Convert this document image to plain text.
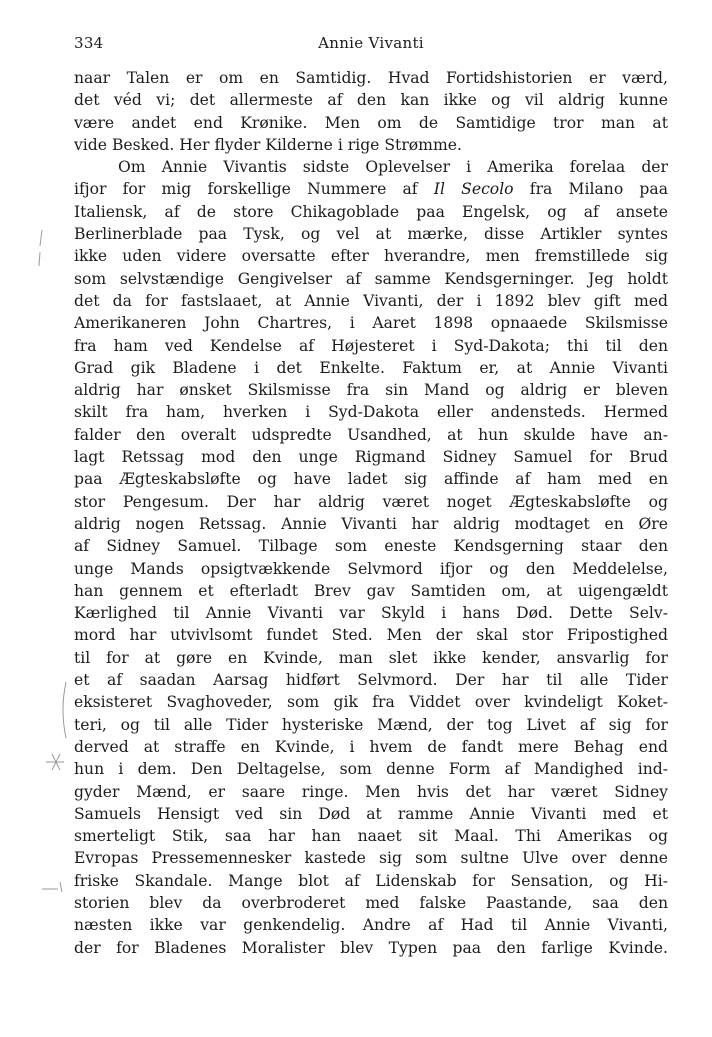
334	Annie Vivanti
naar Talen er om en Samtidig. Hvad Fortidshistorien er værd,
det véd vi; det allermeste af den kan ikke og vil aldrig kunne
være andet end Krønike. Men om de Samtidige tror man at
vide Besked. Her flyder Kilderne i rige Strømme.
Om Annie Vivantis sidste Oplevelser i Amerika forelaa der
ifjor for mig forskellige Nummere af Il Secolo fra Milano paa
Italiensk, af de store Chikagoblade paa Engelsk, og af ansete
Berlinerblade paa Tysk, og vel at mærke, disse Artikler syntes
ikke uden videre oversatte efter hverandre, men fremstillede sig
som selvstændige Gengivelser af samme Kendsgerninger. Jeg holdt
det da for fastslaaet, at Annie Vivanti, der i 1892 blev gift med
Amerikaneren John Chartres, i Aaret 1898 opnaaede Skilsmisse
fra ham ved Kendelse af Højesteret i Syd-Dakota; thi til den
Grad gik Bladene i det Enkelte. Faktum er, at Annie Vivanti
aldrig har ønsket Skilsmisse fra sin Mand og aldrig er bleven
skilt fra ham, hverken i Syd-Dakota eller andensteds. Hermed
falder den overalt udspredte Usandhed, at hun skulde have an-
lagt Retssag mod den unge Rigmand Sidney Samuel for Brud
paa Ægteskabsløfte og have ladet sig affinde af ham med en
stor Pengesum. Der har aldrig været noget Ægteskabsløfte og
aldrig nogen Retssag. Annie Vivanti har aldrig modtaget en Øre
af Sidney Samuel. Tilbage som eneste Kendsgerning staar den
unge Mands opsigtvækkende Selvmord ifjor og den Meddelelse,
han gennem et efterladt Brev gav Samtiden om, at uigengældt
Kærlighed til Annie Vivanti var Skyld i hans Død. Dette Selv-
mord har utvivlsomt fundet Sted. Men der skal stor Fripostighed
til for at gøre en Kvinde, man slet ikke kender, ansvarlig for
et af saadan Aarsag hidført Selvmord. Der har til alle Tider
eksisteret Svaghoveder, som gik fra Viddet over kvindeligt Koket-
teri, og til alle Tider hysteriske Mænd, der tog Livet af sig for
derved at straffe en Kvinde, i hvem de fandt mere Behag end
hun i dem. Den Deltagelse, som denne Form af Mandighed ind-
gyder Mænd, er saare ringe. Men hvis det har været Sidney
Samuels Hensigt ved sin Død at ramme Annie Vivanti med et
smerteligt Stik, saa har han naaet sit Maal. Thi Amerikas og
Evropas Pressemennesker kastede sig som sultne Ulve over denne
friske Skandale. Mange blot af Lidenskab for Sensation, og Hi-
storien blev da overbroderet med falske Paastande, saa den
næsten ikke var genkendelig. Andre af Had til Annie Vivanti,
der for Bladenes Moralister blev Typen paa den farlige Kvinde.
